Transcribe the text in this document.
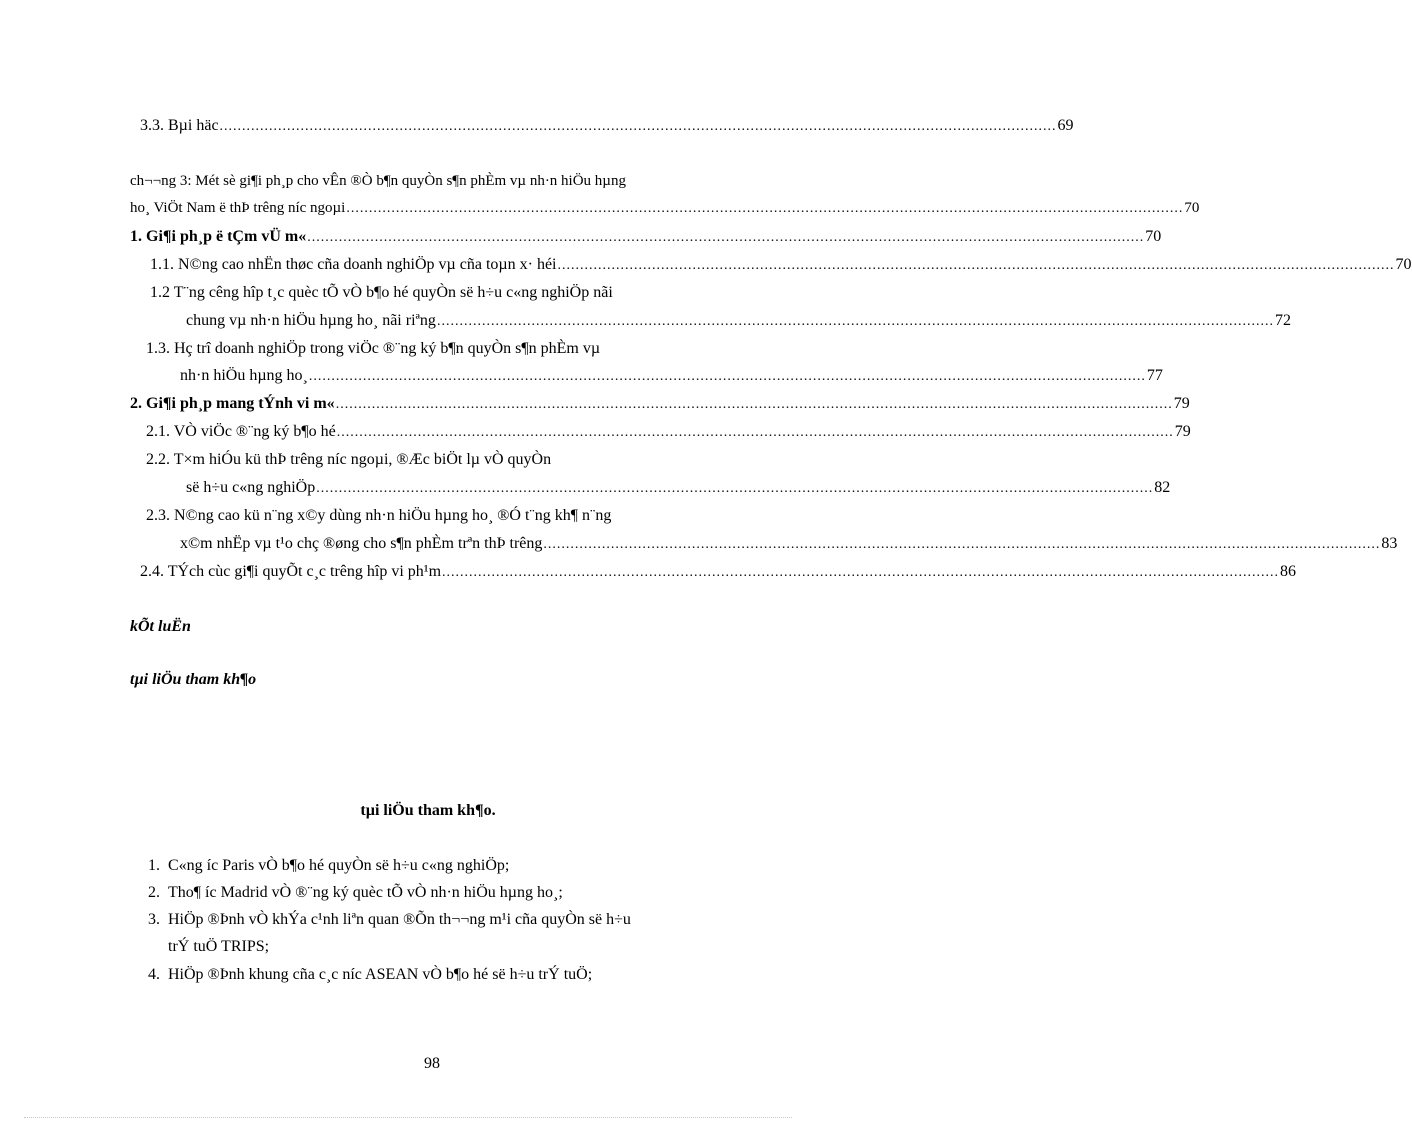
3.3. Bµi häc .......................................................................................................................................................................................... 69
ch¬¬ng 3: Mét sè gi¶i ph¸p cho vÊn ®Ò b¶n quyÒn s¶n phÈm vµ nh·n hiÖu hµng
ho¸ ViÖt Nam ë thÞ trêng níc ngoµi .......................................................................................................................................................................................... 70
1. Gi¶i ph¸p ë tÇm vÜ m« .......................................................................................................................................................................................... 70
1.1. N©ng cao nhËn thøc cña doanh nghiÖp vµ cña toµn x· héi .......................................................................................................................................................................................... 70
1.2 T¨ng cêng hîp t¸c quèc tÕ vÒ b¶o hé quyÒn së h÷u c«ng nghiÖp nãi
chung vµ nh·n hiÖu hµng ho¸ nãi riªng .......................................................................................................................................................................................... 72
1.3. Hç trî doanh nghiÖp trong viÖc ®¨ng ký b¶n quyÒn s¶n phÈm vµ
nh·n hiÖu hµng ho¸ .......................................................................................................................................................................................... 77
2. Gi¶i ph¸p mang tÝnh vi m« .......................................................................................................................................................................................... 79
2.1. VÒ viÖc ®¨ng ký b¶o hé .......................................................................................................................................................................................... 79
2.2. T×m hiÓu kü thÞ trêng níc ngoµi, ®Æc biÖt lµ vÒ quyÒn
së h÷u c«ng nghiÖp .......................................................................................................................................................................................... 82
2.3. N©ng cao kü n¨ng x©y dùng nh·n hiÖu hµng ho¸ ®Ó t¨ng kh¶ n¨ng
x©m nhËp vµ t¹o chç ®øng cho s¶n phÈm trªn thÞ trêng .......................................................................................................................................................................................... 83
2.4. TÝch cùc gi¶i quyÕt c¸c trêng hîp vi ph¹m .......................................................................................................................................................................................... 86
kÕt luËn
tµi liÖu tham kh¶o
tµi liÖu tham kh¶o.
1. C«ng íc Paris vÒ b¶o hé quyÒn së h÷u c«ng nghiÖp;
2. Tho¶ íc Madrid vÒ ®¨ng ký quèc tÕ vÒ nh·n hiÖu hµng ho¸;
3. HiÖp ®Þnh vÒ khÝa c¹nh liªn quan ®Õn th¬¬ng m¹i cña quyÒn së h÷u
trÝ tuÖ TRIPS;
4. HiÖp ®Þnh khung cña c¸c níc ASEAN vÒ b¶o hé së h÷u trÝ tuÖ;
98
